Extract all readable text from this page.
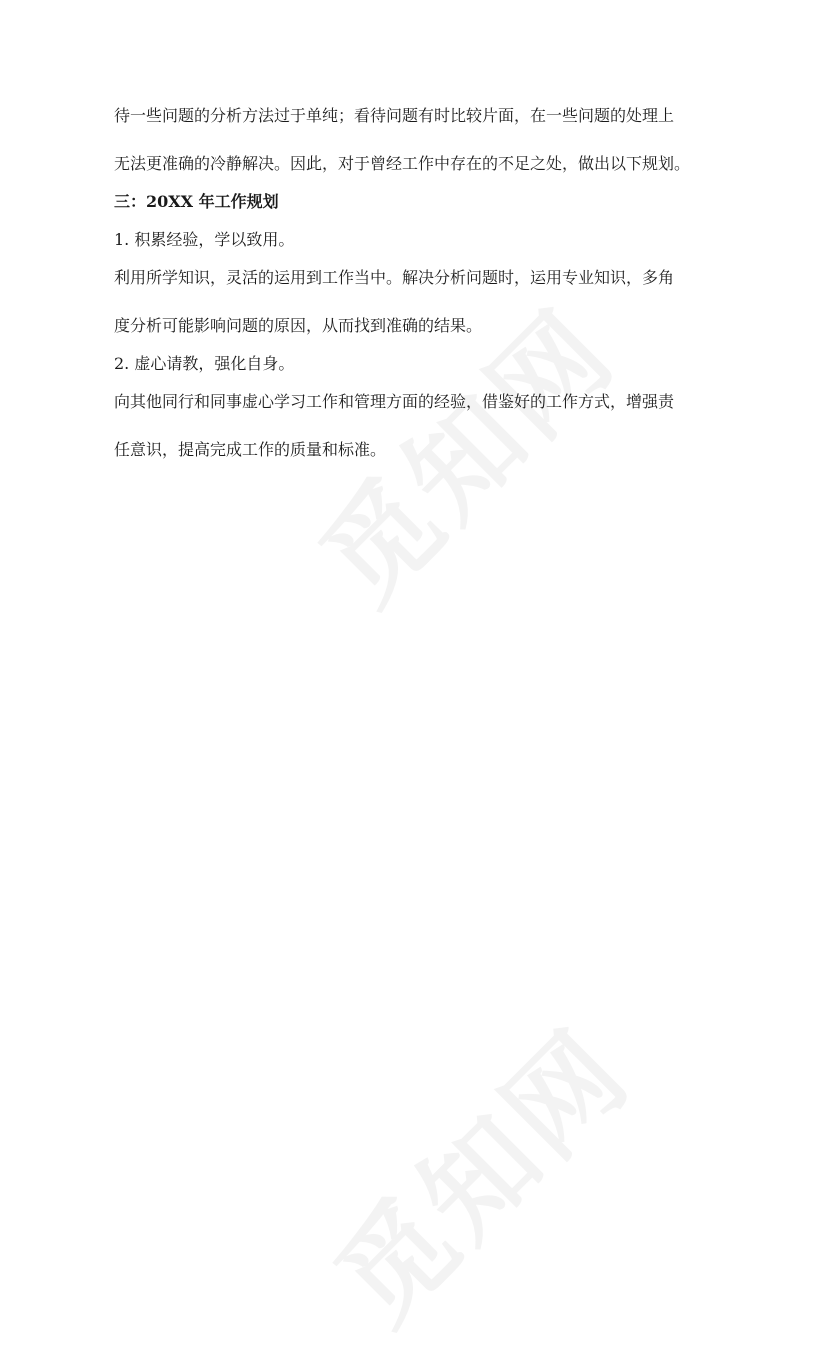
待一些问题的分析方法过于单纯；看待问题有时比较片面，在一些问题的处理上

无法更准确的冷静解决。因此，对于曾经工作中存在的不足之处，做出以下规划。

三：20XX 年工作规划

1. 积累经验，学以致用。

利用所学知识，灵活的运用到工作当中。解决分析问题时，运用专业知识，多角

度分析可能影响问题的原因，从而找到准确的结果。

2. 虚心请教，强化自身。

向其他同行和同事虚心学习工作和管理方面的经验，借鉴好的工作方式，增强责

任意识，提高完成工作的质量和标准。
